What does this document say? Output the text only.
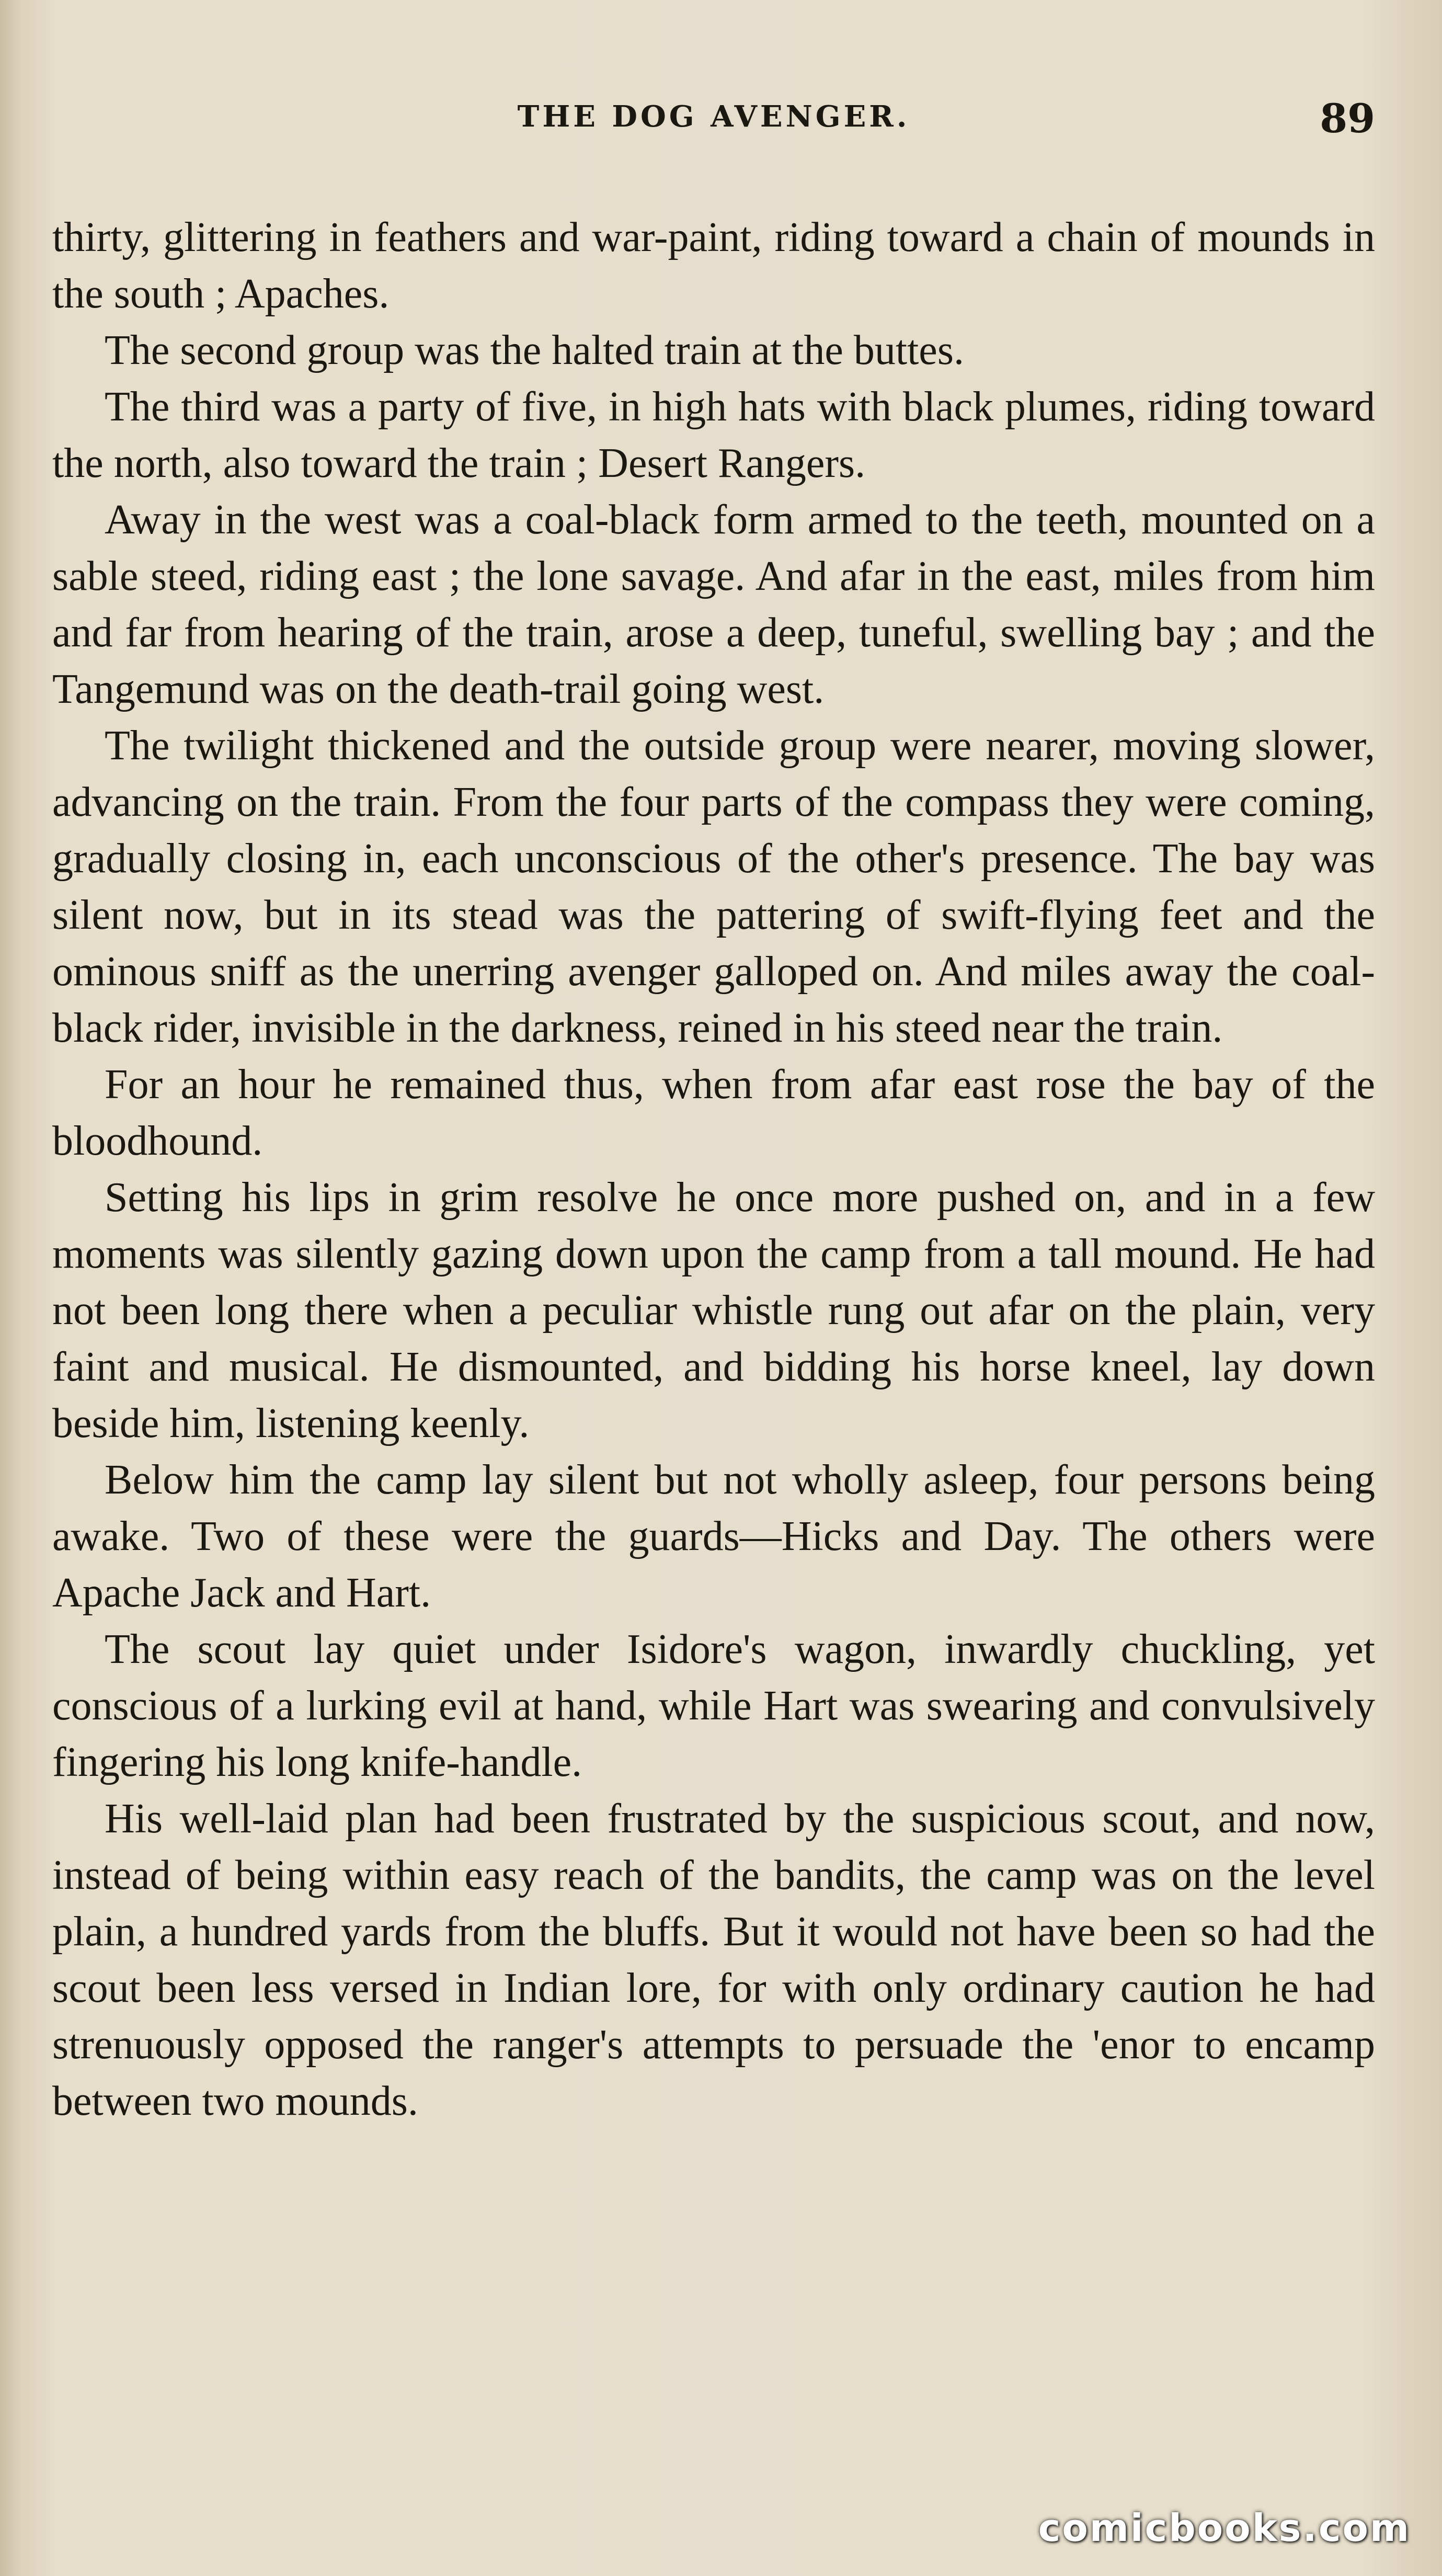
THE DOG AVENGER.	89

thirty, glittering in feathers and war-paint, riding toward a chain of mounds in the south ; Apaches.

The second group was the halted train at the buttes.

The third was a party of five, in high hats with black plumes, riding toward the north, also toward the train ; Desert Rangers.

Away in the west was a coal-black form armed to the teeth, mounted on a sable steed, riding east ; the lone savage. And afar in the east, miles from him and far from hearing of the train, arose a deep, tuneful, swelling bay ; and the Tangemund was on the death-trail going west.

The twilight thickened and the outside group were nearer, moving slower, advancing on the train. From the four parts of the compass they were coming, gradually closing in, each unconscious of the other's presence. The bay was silent now, but in its stead was the pattering of swift-flying feet and the ominous sniff as the unerring avenger galloped on. And miles away the coal-black rider, invisible in the darkness, reined in his steed near the train.

For an hour he remained thus, when from afar east rose the bay of the bloodhound.

Setting his lips in grim resolve he once more pushed on, and in a few moments was silently gazing down upon the camp from a tall mound. He had not been long there when a peculiar whistle rung out afar on the plain, very faint and musical. He dismounted, and bidding his horse kneel, lay down beside him, listening keenly.

Below him the camp lay silent but not wholly asleep, four persons being awake. Two of these were the guards—Hicks and Day. The others were Apache Jack and Hart.

The scout lay quiet under Isidore's wagon, inwardly chuckling, yet conscious of a lurking evil at hand, while Hart was swearing and convulsively fingering his long knife-handle.

His well-laid plan had been frustrated by the suspicious scout, and now, instead of being within easy reach of the bandits, the camp was on the level plain, a hundred yards from the bluffs. But it would not have been so had the scout been less versed in Indian lore, for with only ordinary caution he had strenuously opposed the ranger's attempts to persuade the 'enor to encamp between two mounds.

comicbooks.com
